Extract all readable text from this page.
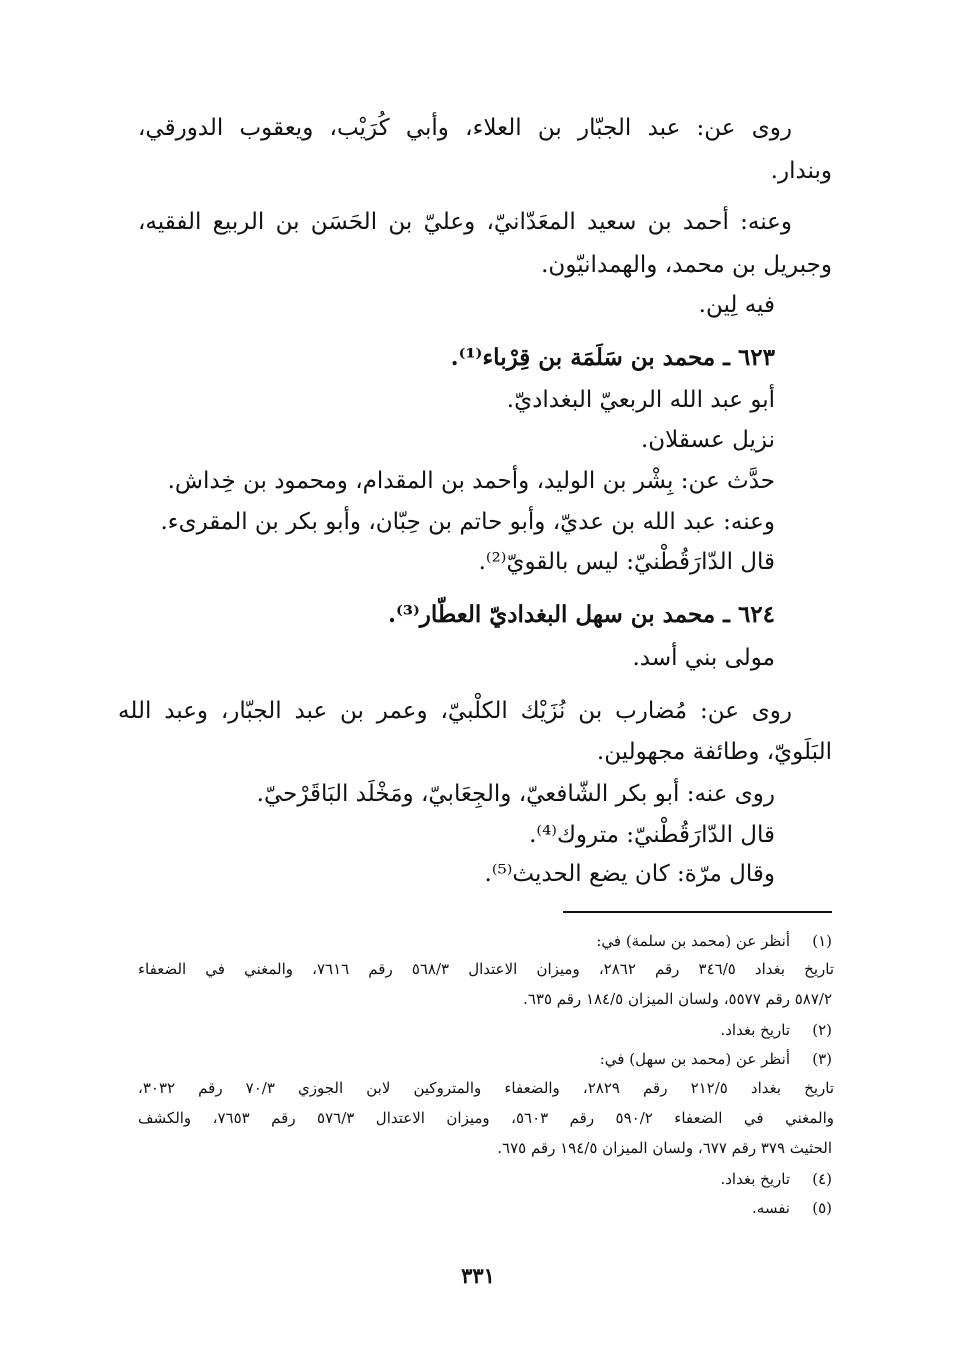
روى عن: عبد الجبّار بن العلاء، وأبي كُرَيْب، ويعقوب الدورقي،
وبندار.
وعنه: أحمد بن سعيد المعَدّانيّ، وعليّ بن الحَسَن بن الربيع الفقيه،
وجبريل بن محمد، والهمدانيّون.
فيه لِين.
٦٢٣ ـ محمد بن سَلَمَة بن قِرْباء⁽¹⁾.
أبو عبد الله الربعيّ البغداديّ.
نزيل عسقلان.
حدَّث عن: بِشْر بن الوليد، وأحمد بن المقدام، ومحمود بن خِداش.
وعنه: عبد الله بن عديّ، وأبو حاتم بن حِبّان، وأبو بكر بن المقرىء.
قال الدّارَقُطْنيّ: ليس بالقويّ⁽²⁾.
٦٢٤ ـ محمد بن سهل البغداديّ العطّار⁽³⁾.
مولى بني أسد.
روى عن: مُضارب بن نُزَيْك الكلْبيّ، وعمر بن عبد الجبّار، وعبد الله
البَلَويّ، وطائفة مجهولين.
روى عنه: أبو بكر الشّافعيّ، والجِعَابيّ، ومَخْلَد البَاقَرْحيّ.
قال الدّارَقُطْنيّ: متروك⁽⁴⁾.
وقال مرّة: كان يضع الحديث⁽⁵⁾.
(١)
أنظر عن (محمد بن سلمة) في:
تاريخ بغداد ٣٤٦/٥ رقم ٢٨٦٢، وميزان الاعتدال ٥٦٨/٣ رقم ٧٦١٦، والمغني في الضعفاء
٥٨٧/٢ رقم ٥٥٧٧، ولسان الميزان ١٨٤/٥ رقم ٦٣٥.
(٢)
تاريخ بغداد.
(٣)
أنظر عن (محمد بن سهل) في:
تاريخ بغداد ٢١٢/٥ رقم ٢٨٢٩، والضعفاء والمتروكين لابن الجوزي ٧٠/٣ رقم ٣٠٣٢،
والمغني في الضعفاء ٥٩٠/٢ رقم ٥٦٠٣، وميزان الاعتدال ٥٧٦/٣ رقم ٧٦٥٣، والكشف
الحثيث ٣٧٩ رقم ٦٧٧، ولسان الميزان ١٩٤/٥ رقم ٦٧٥.
(٤)
تاريخ بغداد.
(٥)
نفسه.
٣٣١
